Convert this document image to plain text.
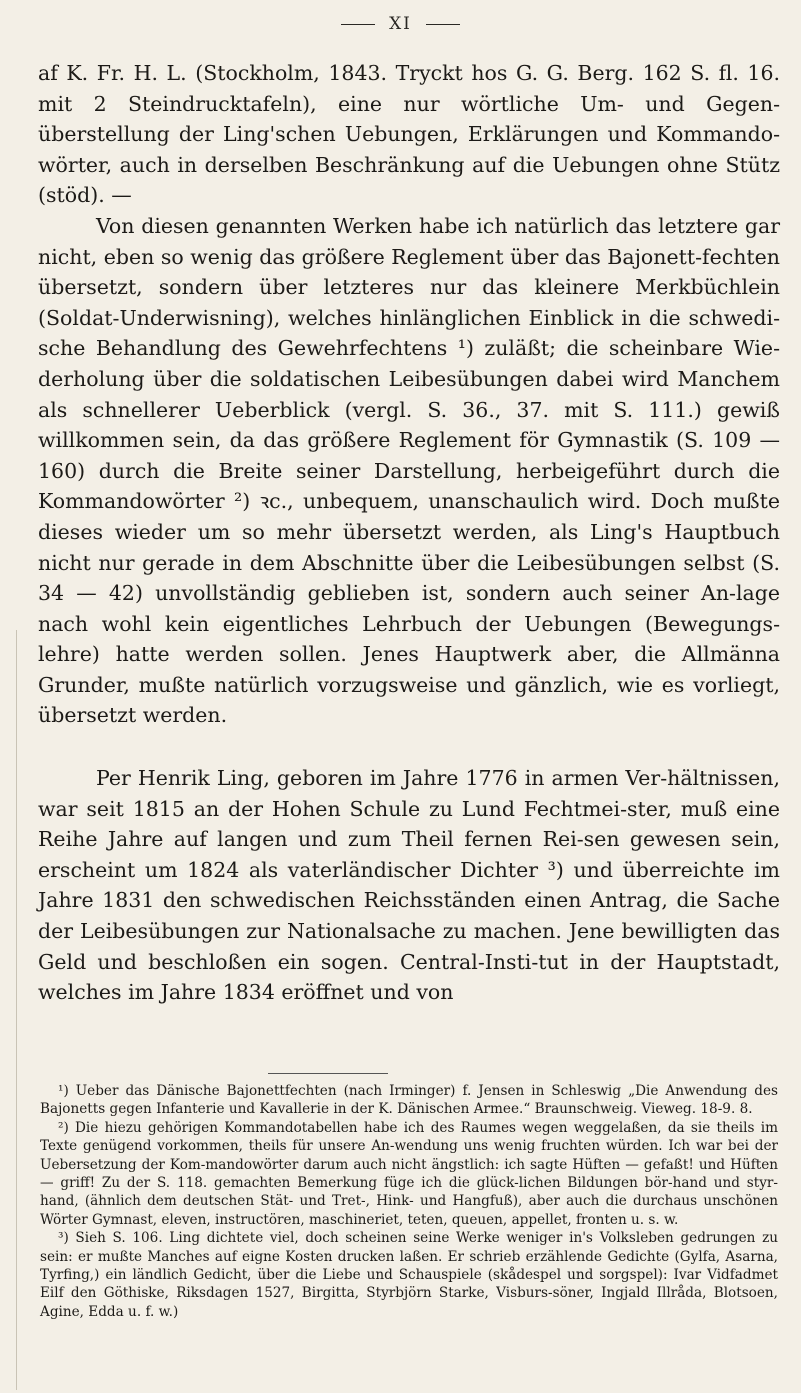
XI

af K. Fr. H. L. (Stockholm, 1843. Tryckt hos G. G. Berg. 162 S. fl. 16. mit 2 Steindrucktafeln), eine nur wörtliche Um- und Gegen-überstellung der Ling'schen Uebungen, Erklärungen und Kommando-wörter, auch in derselben Beschränkung auf die Uebungen ohne Stütz (stöd). —

Von diesen genannten Werken habe ich natürlich das letztere gar nicht, eben so wenig das größere Reglement über das Bajonett-fechten übersetzt, sondern über letzteres nur das kleinere Merkbüchlein (Soldat-Underwisning), welches hinlänglichen Einblick in die schwedi-sche Behandlung des Gewehrfechtens ¹) zuläßt; die scheinbare Wie-derholung über die soldatischen Leibesübungen dabei wird Manchem als schnellerer Ueberblick (vergl. S. 36., 37. mit S. 111.) gewiß willkommen sein, da das größere Reglement för Gymnastik (S. 109 — 160) durch die Breite seiner Darstellung, herbeigeführt durch die Kommandowörter ²) ꝛc., unbequem, unanschaulich wird. Doch mußte dieses wieder um so mehr übersetzt werden, als Ling's Hauptbuch nicht nur gerade in dem Abschnitte über die Leibesübungen selbst (S. 34 — 42) unvollständig geblieben ist, sondern auch seiner An-lage nach wohl kein eigentliches Lehrbuch der Uebungen (Bewegungs-lehre) hatte werden sollen. Jenes Hauptwerk aber, die Allmänna Grunder, mußte natürlich vorzugsweise und gänzlich, wie es vorliegt, übersetzt werden.

Per Henrik Ling, geboren im Jahre 1776 in armen Ver-hältnissen, war seit 1815 an der Hohen Schule zu Lund Fechtmei-ster, muß eine Reihe Jahre auf langen und zum Theil fernen Rei-sen gewesen sein, erscheint um 1824 als vaterländischer Dichter ³) und überreichte im Jahre 1831 den schwedischen Reichsständen einen Antrag, die Sache der Leibesübungen zur Nationalsache zu machen. Jene bewilligten das Geld und beschloßen ein sogen. Central-Insti-tut in der Hauptstadt, welches im Jahre 1834 eröffnet und von

¹) Ueber das Dänische Bajonettfechten (nach Irminger) f. Jensen in Schleswig „Die Anwendung des Bajonetts gegen Infanterie und Kavallerie in der K. Dänischen Armee.“ Braunschweig. Vieweg. 18-9. 8.

²) Die hiezu gehörigen Kommandotabellen habe ich des Raumes wegen weggelaßen, da sie theils im Texte genügend vorkommen, theils für unsere An-wendung uns wenig fruchten würden. Ich war bei der Uebersetzung der Kom-mandowörter darum auch nicht ängstlich: ich sagte Hüften — gefaßt! und Hüften — griff! Zu der S. 118. gemachten Bemerkung füge ich die glück-lichen Bildungen bör-hand und styr-hand, (ähnlich dem deutschen Stät- und Tret-, Hink- und Hangfuß), aber auch die durchaus unschönen Wörter Gymnast, eleven, instructören, maschineriet, teten, queuen, appellet, fronten u. s. w.

³) Sieh S. 106. Ling dichtete viel, doch scheinen seine Werke weniger in's Volksleben gedrungen zu sein: er mußte Manches auf eigne Kosten drucken laßen. Er schrieb erzählende Gedichte (Gylfa, Asarna, Tyrfing,) ein ländlich Gedicht, über die Liebe und Schauspiele (skådespel und sorgspel): Ivar Vidfadmet Eilf den Göthiske, Riksdagen 1527, Birgitta, Styrbjörn Starke, Visburs-söner, Ingjald Illråda, Blotsoen, Agine, Edda u. f. w.)
